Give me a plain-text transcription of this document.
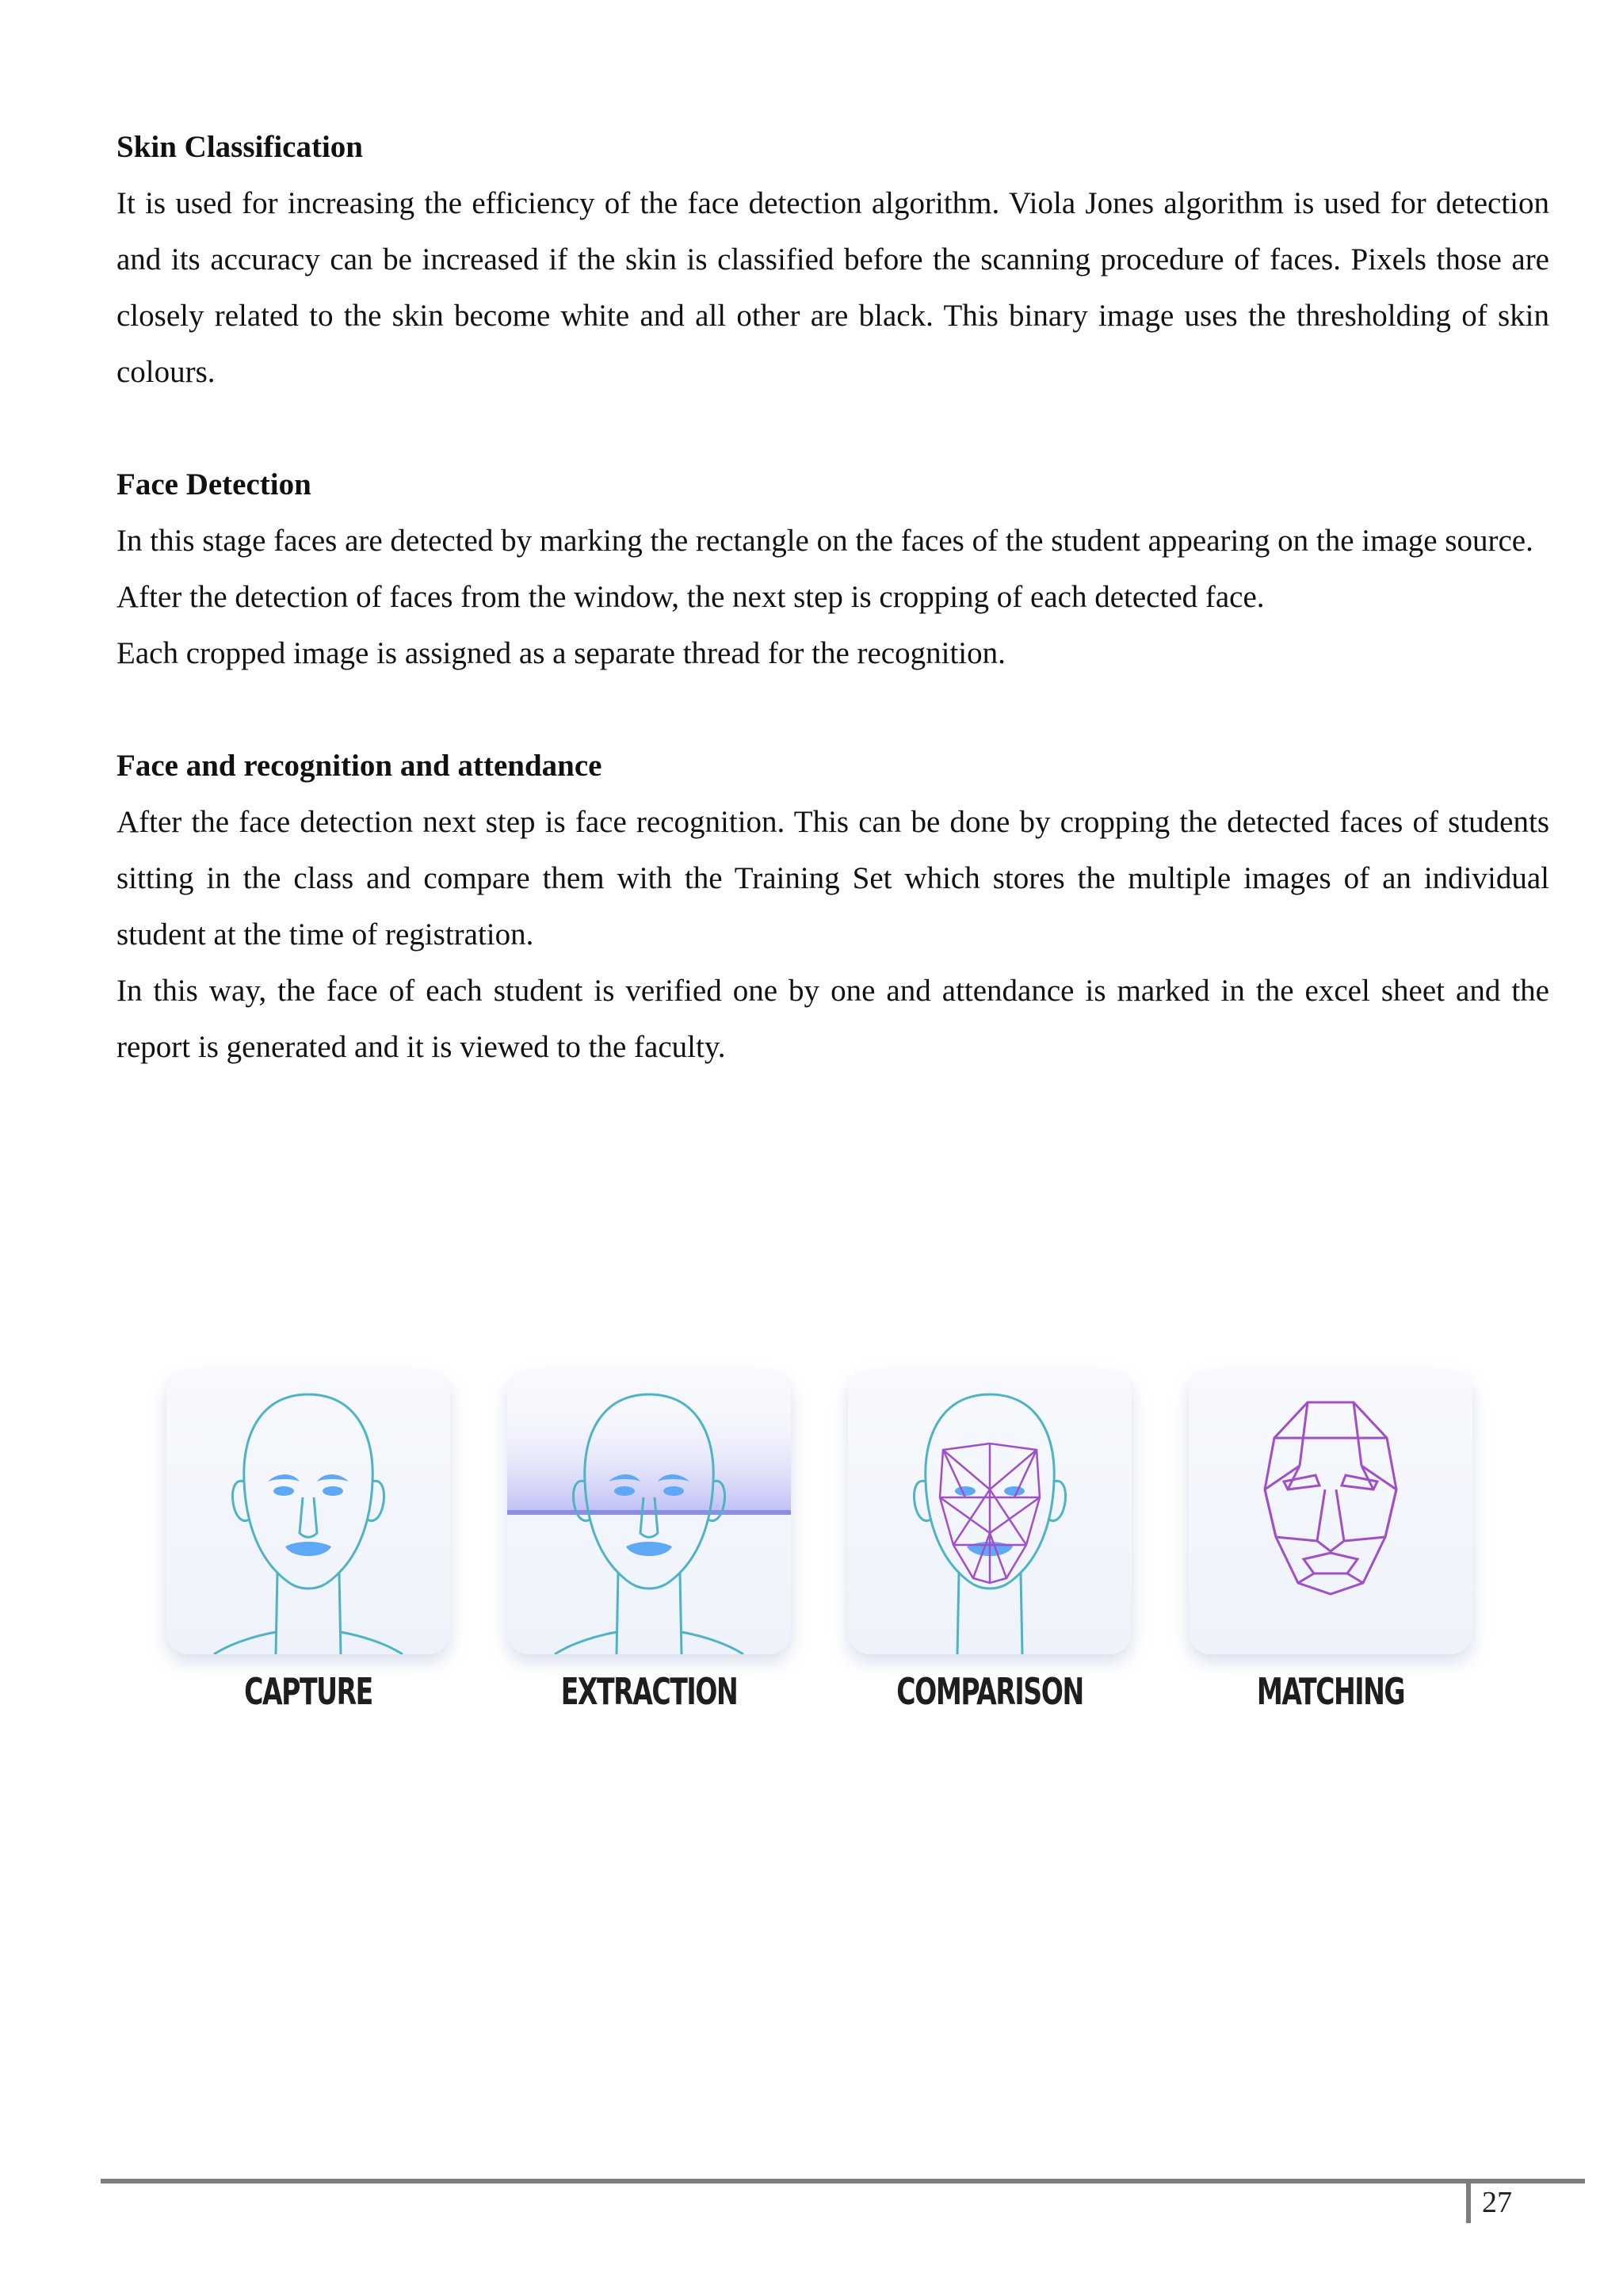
Skin Classification

It is used for increasing the efficiency of the face detection algorithm. Viola Jones algorithm is used for detection and its accuracy can be increased if the skin is classified before the scanning procedure of faces. Pixels those are closely related to the skin become white and all other are black. This binary image uses the thresholding of skin colours.

Face Detection

In this stage faces are detected by marking the rectangle on the faces of the student appearing on the image source.

After the detection of faces from the window, the next step is cropping of each detected face.

Each cropped image is assigned as a separate thread for the recognition.

Face and recognition and attendance

After the face detection next step is face recognition. This can be done by cropping the detected faces of students sitting in the class and compare them with the Training Set which stores the multiple images of an individual student at the time of registration.

In this way, the face of each student is verified one by one and attendance is marked in the excel sheet and the report is generated and it is viewed to the faculty.

CAPTURE	EXTRACTION	COMPARISON	MATCHING
27
